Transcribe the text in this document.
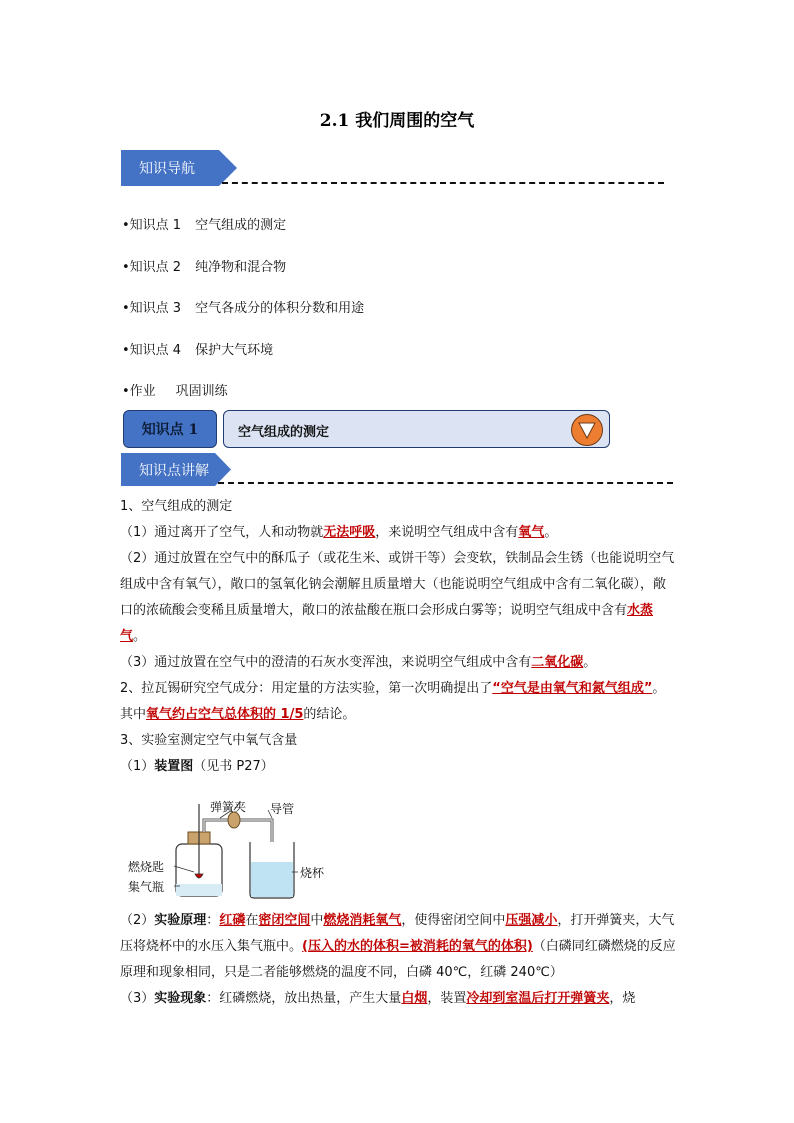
2.1 我们周围的空气
知识导航
•知识点 1 空气组成的测定
•知识点 2 纯净物和混合物
•知识点 3 空气各成分的体积分数和用途
•知识点 4 保护大气环境
•作业 巩固训练
知识点 1	空气组成的测定
知识点讲解

1、空气组成的测定

（1）通过离开了空气，人和动物就无法呼吸，来说明空气组成中含有氧气。

（2）通过放置在空气中的酥瓜子（或花生米、或饼干等）会变软，铁制品会生锈（也能说明空气组成中含有氧气），敞口的氢氧化钠会潮解且质量增大（也能说明空气组成中含有二氧化碳），敞口的浓硫酸会变稀且质量增大，敞口的浓盐酸在瓶口会形成白雾等；说明空气组成中含有水蒸气。

（3）通过放置在空气中的澄清的石灰水变浑浊，来说明空气组成中含有二氧化碳。

2、拉瓦锡研究空气成分：用定量的方法实验，第一次明确提出了“空气是由氧气和氮气组成”。其中氧气约占空气总体积的 1/5的结论。

3、实验室测定空气中氧气含量

（1）装置图（见书 P27）

弹簧夹 导管
燃烧匙
集气瓶
烧杯

（2）实验原理：红磷在密闭空间中燃烧消耗氧气，使得密闭空间中压强减小，打开弹簧夹，大气压将烧杯中的水压入集气瓶中。(压入的水的体积=被消耗的氧气的体积)（白磷同红磷燃烧的反应原理和现象相同，只是二者能够燃烧的温度不同，白磷 40℃，红磷 240℃）

（3）实验现象：红磷燃烧，放出热量，产生大量白烟，装置冷却到室温后打开弹簧夹，烧
